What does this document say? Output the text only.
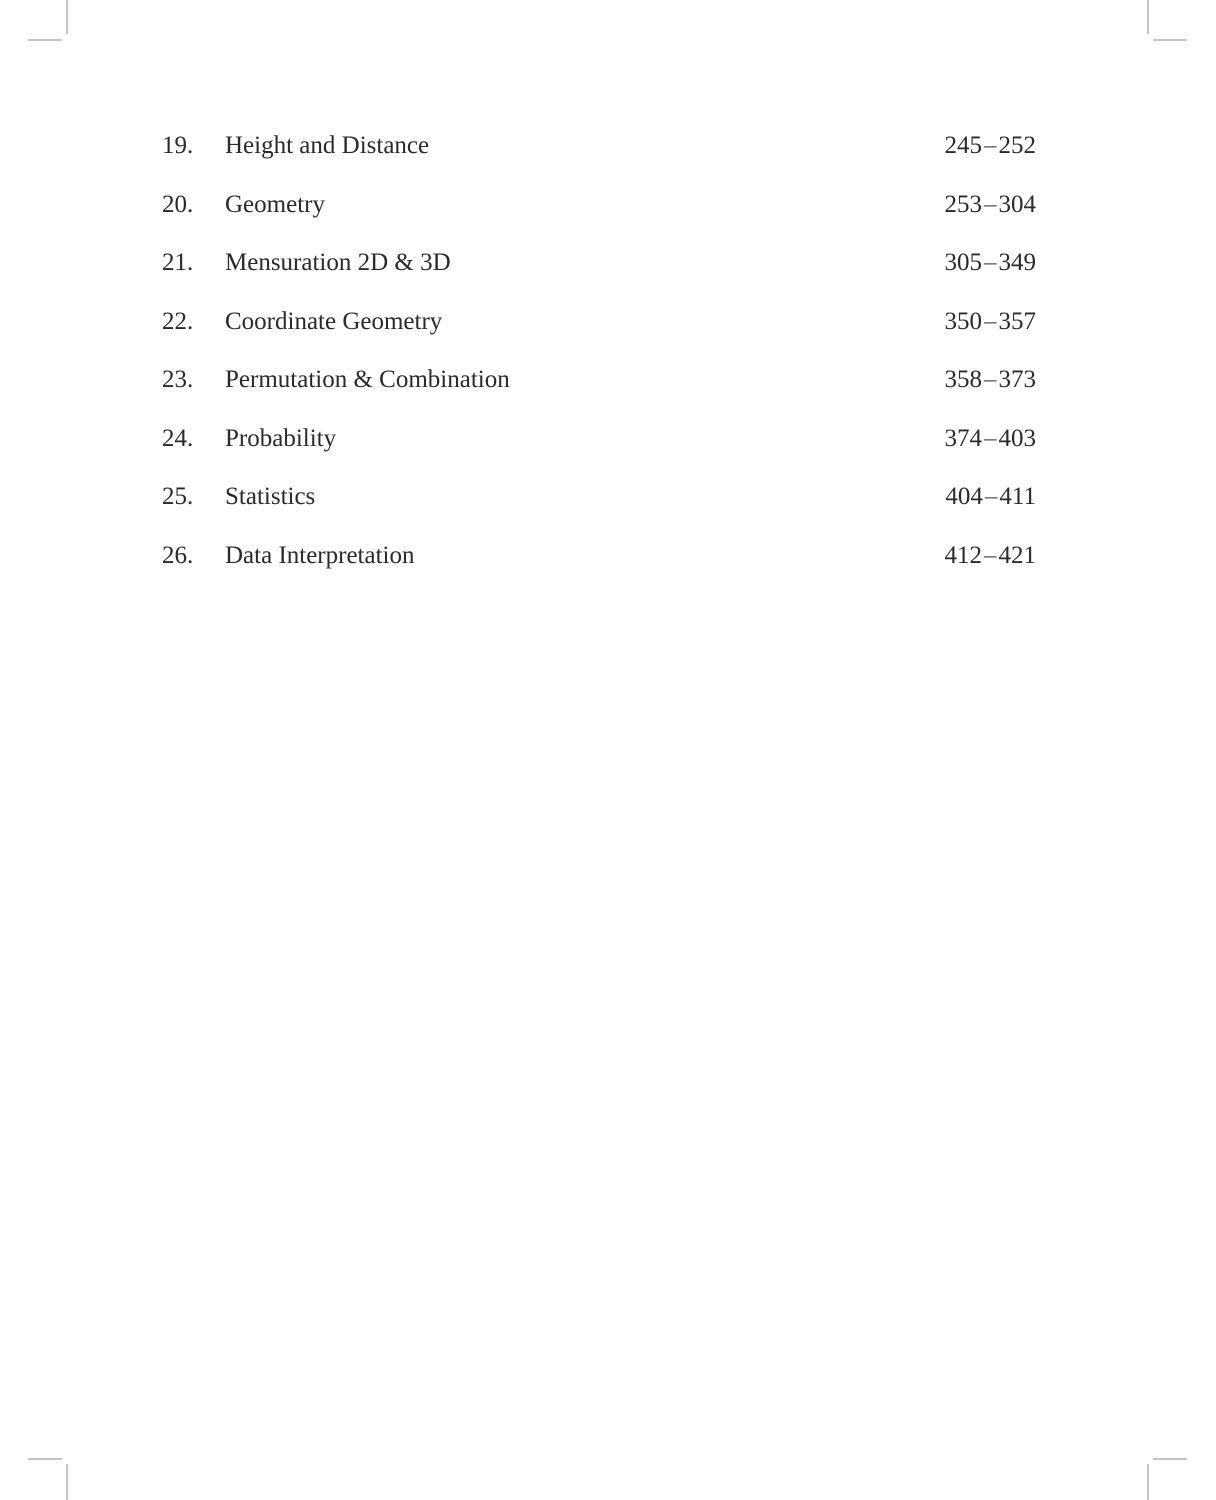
19. Height and Distance	245–252
20. Geometry	253–304
21. Mensuration 2D & 3D	305–349
22. Coordinate Geometry	350–357
23. Permutation & Combination	358–373
24. Probability	374–403
25. Statistics	404–411
26. Data Interpretation	412–421
